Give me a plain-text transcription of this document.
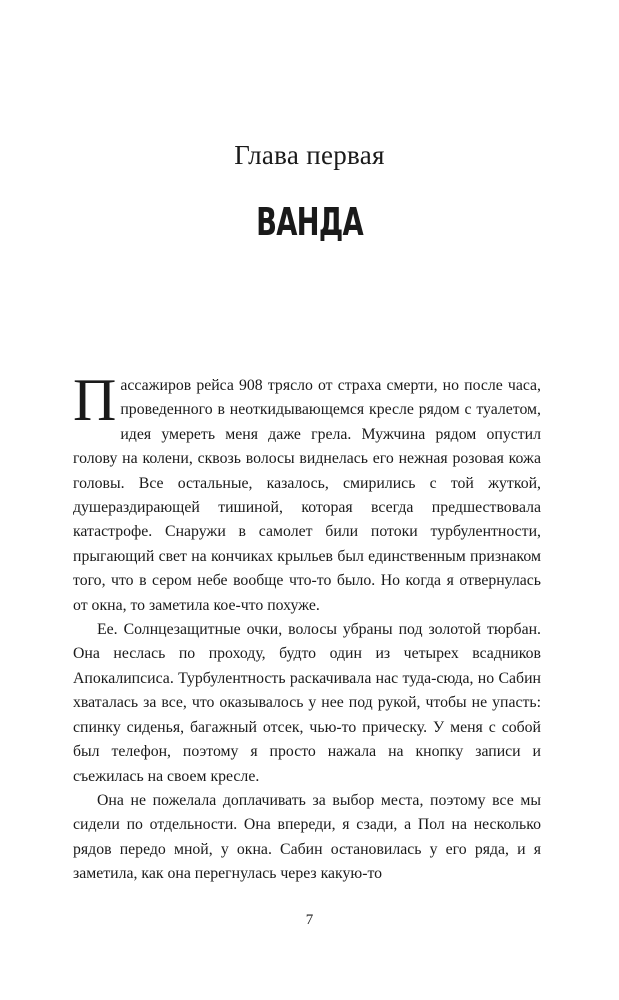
Глава первая
ВАНДА

Пассажиров рейса 908 трясло от страха смерти, но после часа, проведенного в неоткидывающемся кресле рядом с туалетом, идея умереть меня даже грела. Мужчина рядом опустил голову на колени, сквозь волосы виднелась его нежная розовая кожа головы. Все остальные, казалось, смирились с той жуткой, душераздирающей тишиной, которая всегда предшествовала катастрофе. Снаружи в самолет били потоки турбулентности, прыгающий свет на кончиках крыльев был единственным признаком того, что в сером небе вообще что-то было. Но когда я отвернулась от окна, то заметила кое-что похуже.

Ее. Солнцезащитные очки, волосы убраны под золотой тюрбан. Она неслась по проходу, будто один из четырех всадников Апокалипсиса. Турбулентность раскачивала нас туда-сюда, но Сабин хваталась за все, что оказывалось у нее под рукой, чтобы не упасть: спинку сиденья, багажный отсек, чью-то прическу. У меня с собой был телефон, поэтому я просто нажала на кнопку записи и съежилась на своем кресле.

Она не пожелала доплачивать за выбор места, поэтому все мы сидели по отдельности. Она впереди, я сзади, а Пол на несколько рядов передо мной, у окна. Сабин остановилась у его ряда, и я заметила, как она перегнулась через какую-то

7
